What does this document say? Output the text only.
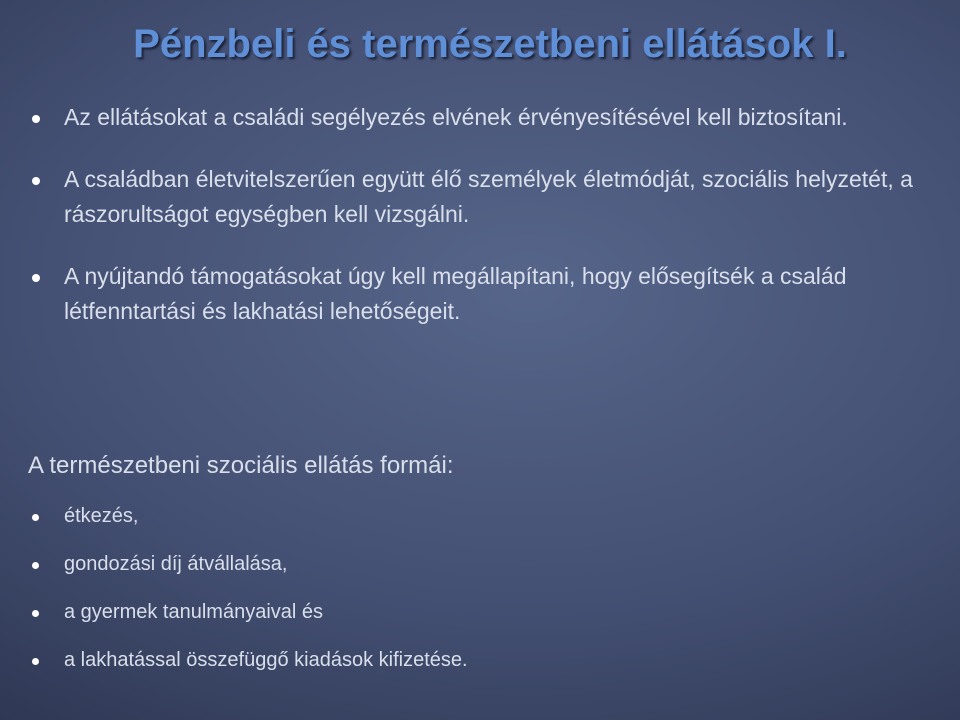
Pénzbeli és természetbeni ellátások I.
Az ellátásokat a családi segélyezés elvének érvényesítésével kell biztosítani.
A családban életvitelszerűen együtt élő személyek életmódját, szociális helyzetét, a rászorultságot egységben kell vizsgálni.
A nyújtandó támogatásokat úgy kell megállapítani, hogy elősegítsék a család létfenntartási és lakhatási lehetőségeit.

A természetbeni szociális ellátás formái:

étkezés,
gondozási díj átvállalása,
a gyermek tanulmányaival és
a lakhatással összefüggő kiadások kifizetése.
